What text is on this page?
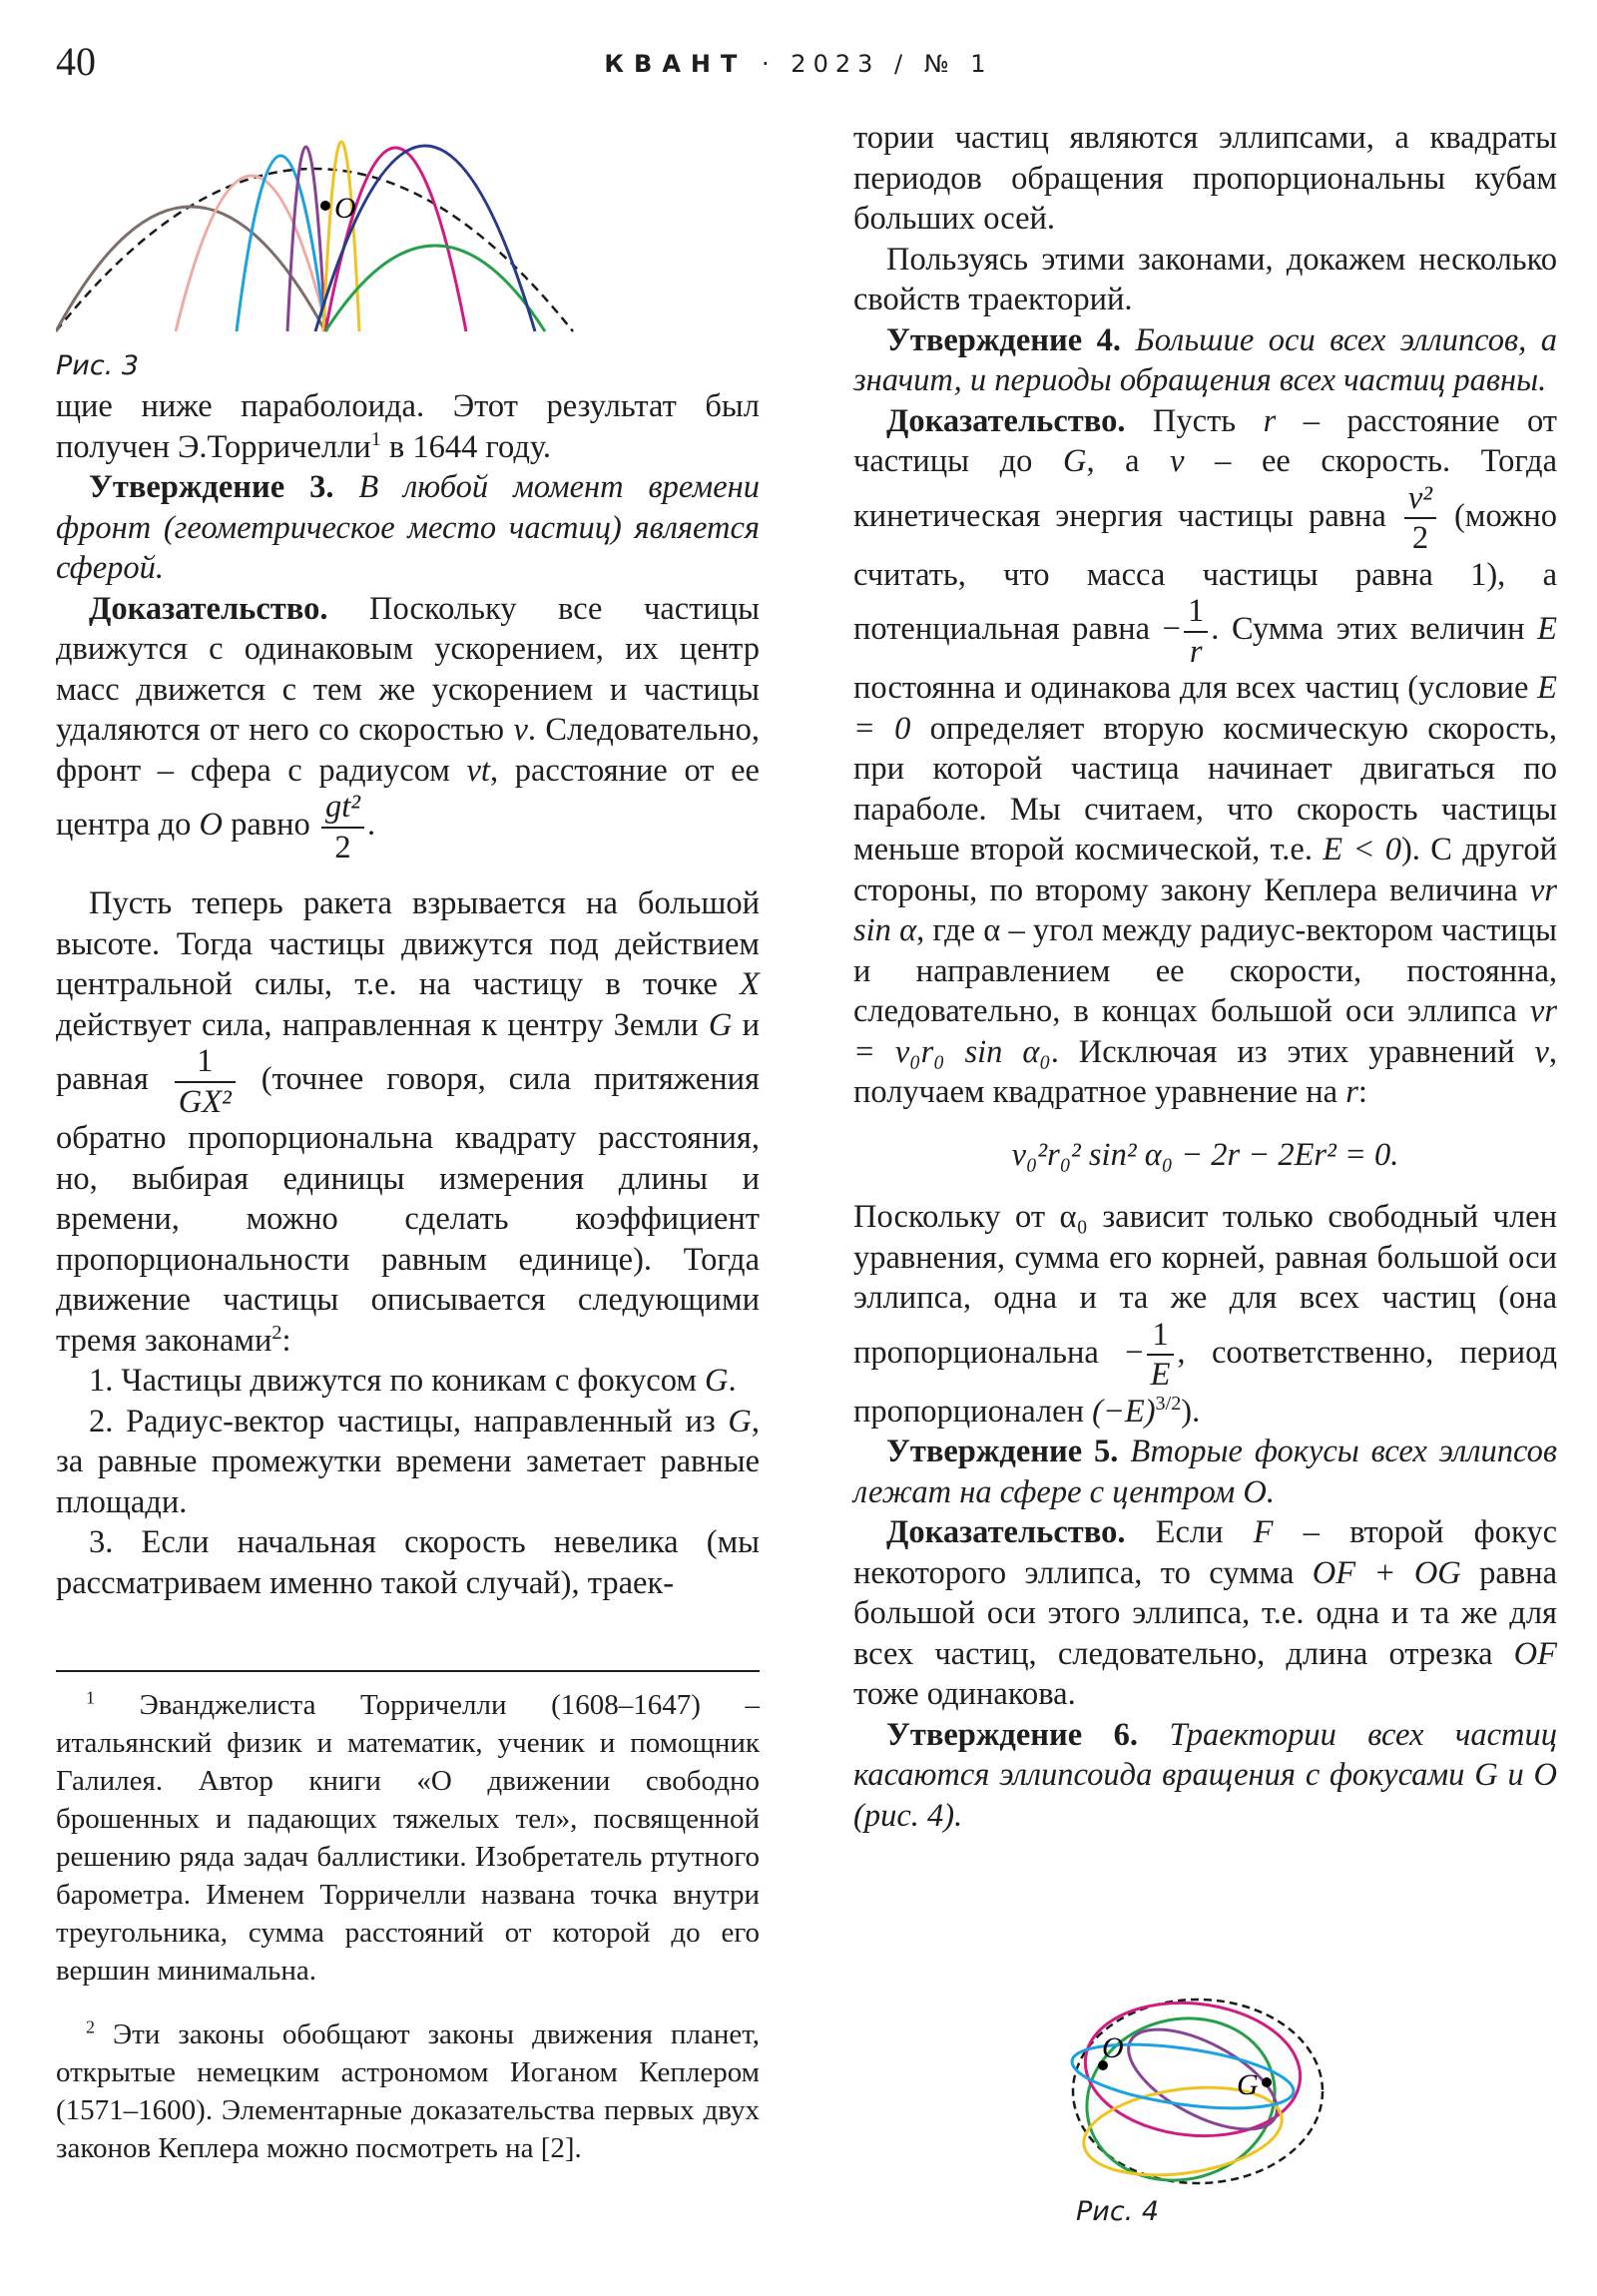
40	КВАНТ · 2023 / № 1
O
Рис. 3

щие ниже параболоида. Этот результат был получен Э.Торричелли$^1$ в 1644 году.

Утверждение 3. В любой момент времени фронт (геометрическое место частиц) является сферой.

Доказательство. Поскольку все частицы движутся с одинаковым ускорением, их центр масс движется с тем же ускорением и частицы удаляются от него со скоростью v. Следовательно, фронт – сфера с радиусом vt, расстояние от ее центра до O равно $\frac{\text{gt²}}{2}$ .

Пусть теперь ракета взрывается на большой высоте. Тогда частицы движутся под действием центральной силы, т.е. на частицу в точке X действует сила, направленная к центру Земли G и равная $\frac{1}{\text{GX²}}$ (точнее говоря, сила притяжения обратно пропорциональна квадрату расстояния, но, выбирая единицы измерения длины и времени, можно сделать коэффициент пропорциональности равным единице). Тогда движение частицы описывается следующими тремя законами$^2$:

1. Частицы движутся по коникам с фокусом G.

2. Радиус-вектор частицы, направленный из G, за равные промежутки времени заметает равные площади.

3. Если начальная скорость невелика (мы рассматриваем именно такой случай), траек-

$^1$ Эванджелиста Торричелли (1608–1647) – итальянский физик и математик, ученик и помощник Галилея. Автор книги «О движении свободно брошенных и падающих тяжелых тел», посвященной решению ряда задач баллистики. Изобретатель ртутного барометра. Именем Торричелли названа точка внутри треугольника, сумма расстояний от которой до его вершин минимальна.

$^2$ Эти законы обобщают законы движения планет, открытые немецким астрономом Иоганом Кеплером (1571–1600). Элементарные доказательства первых двух законов Кеплера можно посмотреть на [2].

тории частиц являются эллипсами, а квадраты периодов обращения пропорциональны кубам больших осей.

Пользуясь этими законами, докажем несколько свойств траекторий.

Утверждение 4. Большие оси всех эллипсов, а значит, и периоды обращения всех частиц равны.

Доказательство. Пусть r – расстояние от частицы до G, а v – ее скорость. Тогда кинетическая энергия частицы равна $\frac{\text{v²}}{2}$ (можно считать, что масса частицы равна 1), а потенциальная равна − $\frac{1}{r}$ . Сумма этих величин E постоянна и одинакова для всех частиц (условие E = 0 определяет вторую космическую скорость, при которой частица начинает двигаться по параболе. Мы считаем, что скорость частицы меньше второй космической, т.е. E < 0). С другой стороны, по второму закону Кеплера величина vr sin α, где α – угол между радиус-вектором частицы и направлением ее скорости, постоянна, следовательно, в концах большой оси эллипса vr = v₀r₀ sin α₀. Исключая из этих уравнений v, получаем квадратное уравнение на r:

v₀²r₀² sin² α₀ − 2r − 2Er² = 0.

Поскольку от α₀ зависит только свободный член уравнения, сумма его корней, равная большой оси эллипса, одна и та же для всех частиц (она пропорциональна − $\frac{1}{E}$ , соответственно, период пропорционален $(-E)^{3/2}$).

Утверждение 5. Вторые фокусы всех эллипсов лежат на сфере с центром O.

Доказательство. Если F – второй фокус некоторого эллипса, то сумма OF + OG равна большой оси этого эллипса, т.е. одна и та же для всех частиц, следовательно, длина отрезка OF тоже одинакова.

Утверждение 6. Траектории всех частиц касаются эллипсоида вращения с фокусами G и O (рис. 4).

O
G
Рис. 4
